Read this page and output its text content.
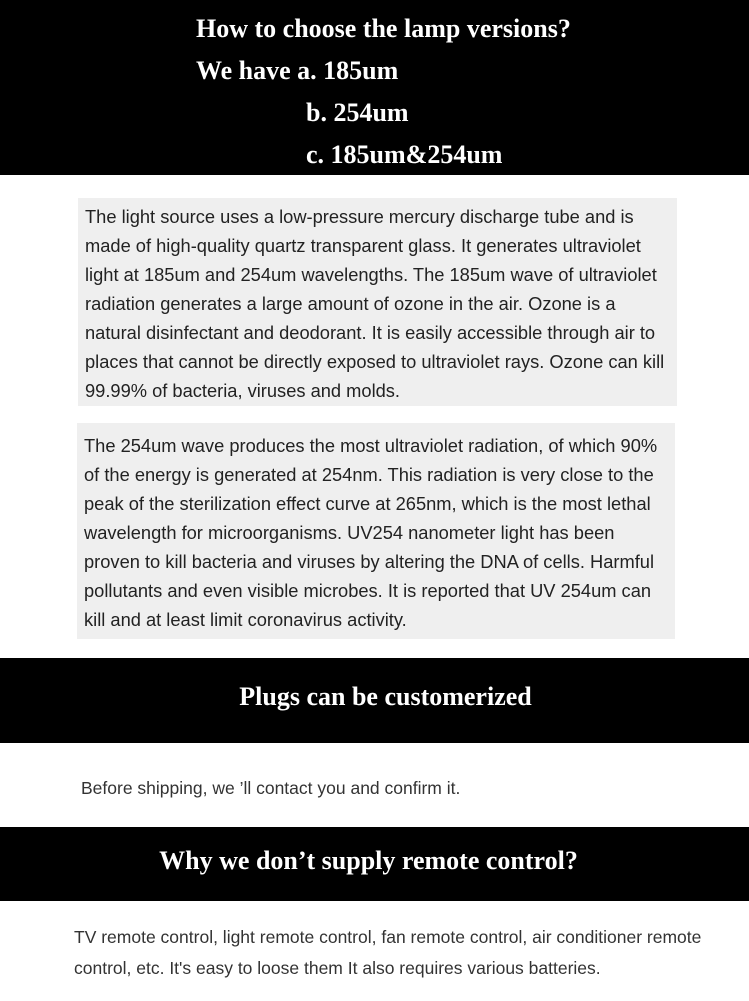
How to choose the lamp versions?
We have a. 185um
b. 254um
c. 185um&254um
The light source uses a low-pressure mercury discharge tube and is made of high-quality quartz transparent glass. It generates ultraviolet light at 185um and 254um wavelengths. The 185um wave of ultraviolet radiation generates a large amount of ozone in the air. Ozone is a natural disinfectant and deodorant. It is easily accessible through air to places that cannot be directly exposed to ultraviolet rays. Ozone can kill 99.99% of bacteria, viruses and molds.
The 254um wave produces the most ultraviolet radiation, of which 90% of the energy is generated at 254nm. This radiation is very close to the peak of the sterilization effect curve at 265nm, which is the most lethal wavelength for microorganisms. UV254 nanometer light has been proven to kill bacteria and viruses by altering the DNA of cells. Harmful pollutants and even visible microbes. It is reported that UV 254um can kill and at least limit coronavirus activity.
Plugs can be customerized
Before shipping, we ’ll contact you and confirm it.
Why we don’t supply remote control?
TV remote control, light remote control, fan remote control, air conditioner remote control, etc. It's easy to loose them It also requires various batteries.
